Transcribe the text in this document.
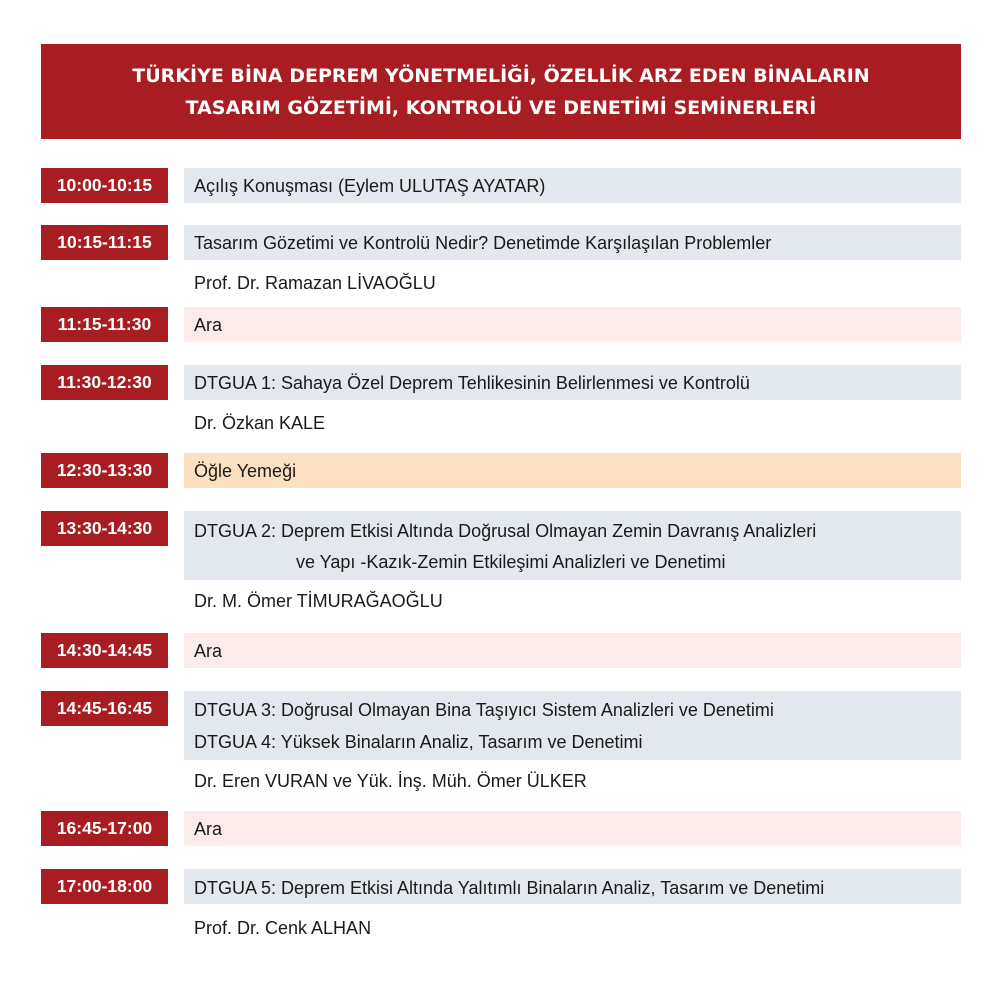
TÜRKİYE BİNA DEPREM YÖNETMELİĞİ, ÖZELLİK ARZ EDEN BİNALARIN
TASARIM GÖZETİMİ, KONTROLÜ VE DENETİMİ SEMİNERLERİ
10:00-10:15	Açılış Konuşması (Eylem ULUTAŞ AYATAR)
10:15-11:15	Tasarım Gözetimi ve Kontrolü Nedir? Denetimde Karşılaşılan Problemler
Prof. Dr. Ramazan LİVAOĞLU
11:15-11:30	Ara
11:30-12:30	DTGUA 1: Sahaya Özel Deprem Tehlikesinin Belirlenmesi ve Kontrolü
Dr. Özkan KALE
12:30-13:30	Öğle Yemeği
13:30-14:30	DTGUA 2: Deprem Etkisi Altında Doğrusal Olmayan Zemin Davranış Analizleri
ve Yapı -Kazık-Zemin Etkileşimi Analizleri ve Denetimi
Dr. M. Ömer TİMURAĞAOĞLU
14:30-14:45	Ara
14:45-16:45	DTGUA 3: Doğrusal Olmayan Bina Taşıyıcı Sistem Analizleri ve Denetimi
DTGUA 4: Yüksek Binaların Analiz, Tasarım ve Denetimi
Dr. Eren VURAN ve Yük. İnş. Müh. Ömer ÜLKER
16:45-17:00	Ara
17:00-18:00	DTGUA 5: Deprem Etkisi Altında Yalıtımlı Binaların Analiz, Tasarım ve Denetimi
Prof. Dr. Cenk ALHAN
